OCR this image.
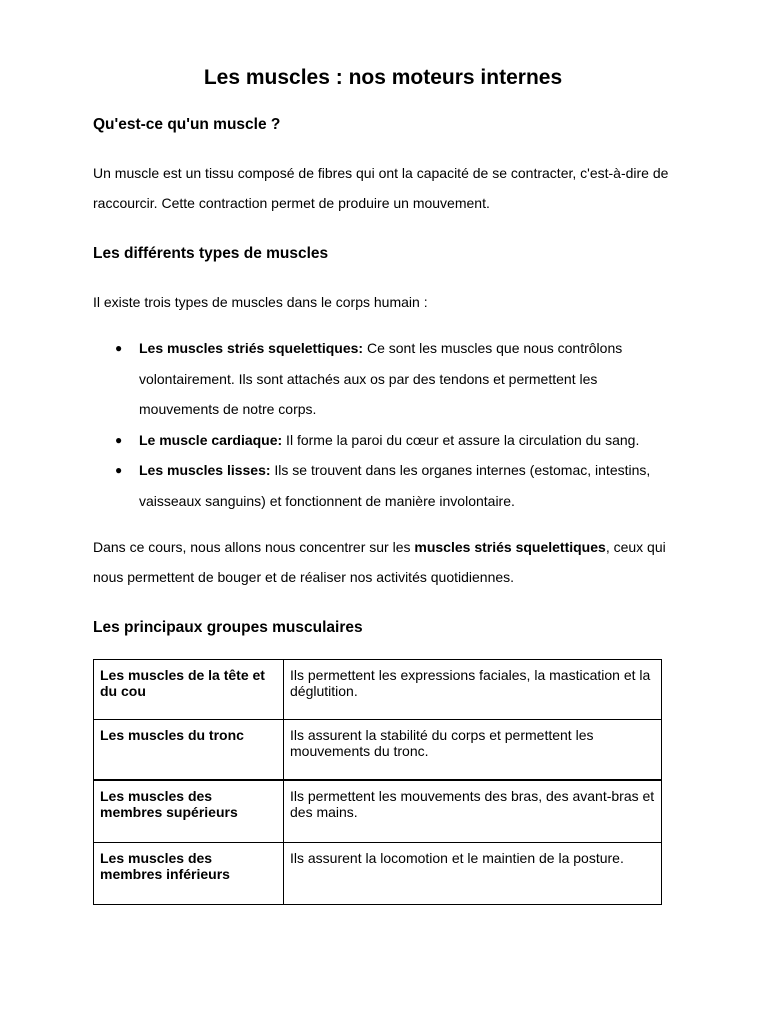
Les muscles : nos moteurs internes
Qu'est-ce qu'un muscle ?

Un muscle est un tissu composé de fibres qui ont la capacité de se contracter, c'est-à-dire de raccourcir. Cette contraction permet de produire un mouvement.

Les différents types de muscles

Il existe trois types de muscles dans le corps humain :

● Les muscles striés squelettiques: Ce sont les muscles que nous contrôlons volontairement. Ils sont attachés aux os par des tendons et permettent les mouvements de notre corps.
● Le muscle cardiaque: Il forme la paroi du cœur et assure la circulation du sang.
● Les muscles lisses: Ils se trouvent dans les organes internes (estomac, intestins, vaisseaux sanguins) et fonctionnent de manière involontaire.

Dans ce cours, nous allons nous concentrer sur les muscles striés squelettiques, ceux qui nous permettent de bouger et de réaliser nos activités quotidiennes.

Les principaux groupes musculaires
Les muscles de la tête et du cou	Ils permettent les expressions faciales, la mastication et la déglutition.
Les muscles du tronc	Ils assurent la stabilité du corps et permettent les mouvements du tronc.
Les muscles des membres supérieurs	Ils permettent les mouvements des bras, des avant-bras et des mains.
Les muscles des membres inférieurs	Ils assurent la locomotion et le maintien de la posture.
